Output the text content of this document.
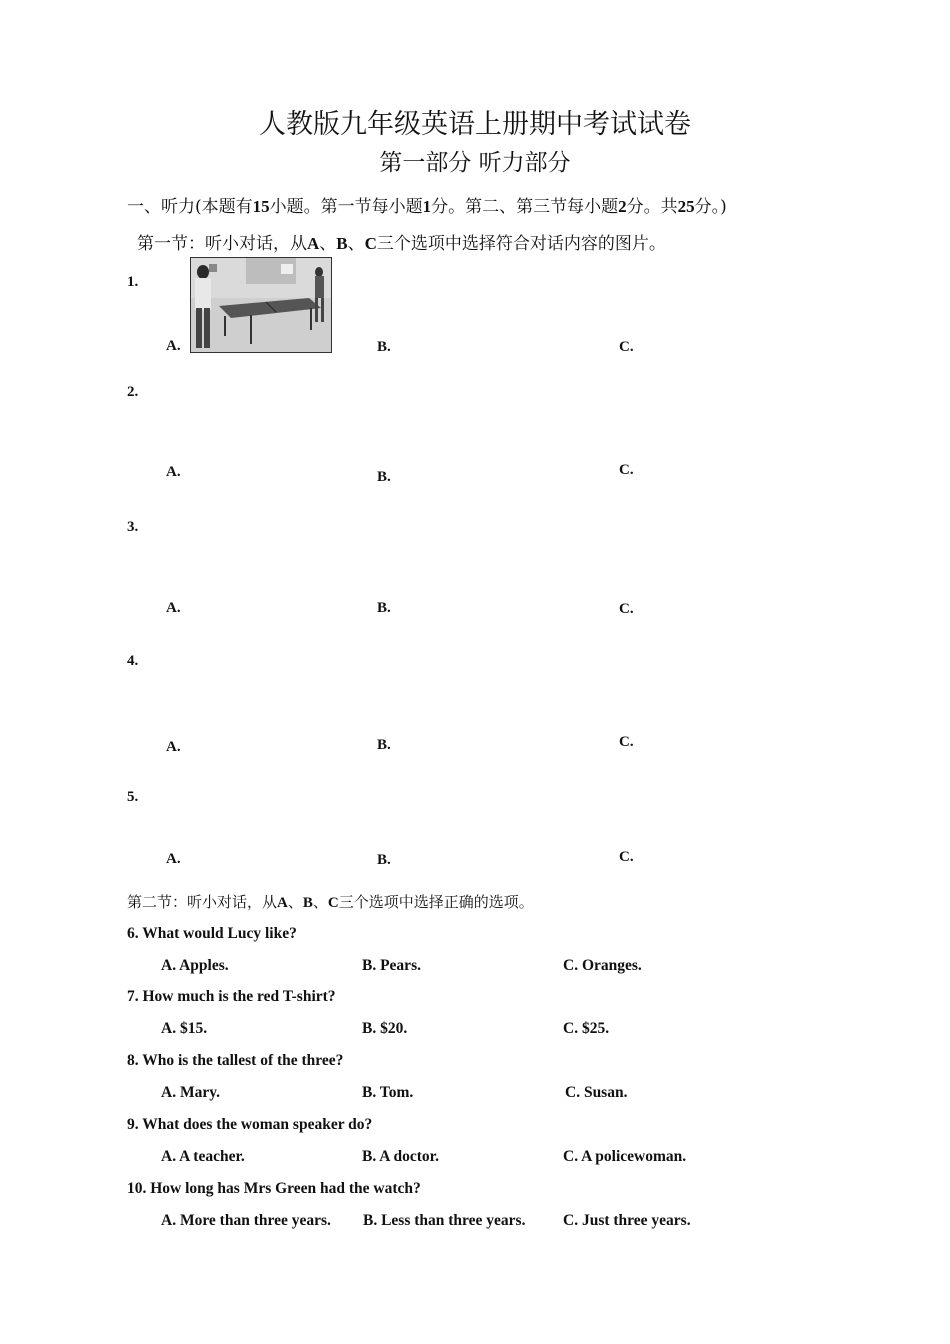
人教版九年级英语上册期中考试试卷
第一部分 听力部分
一、听力(本题有15小题。第一节每小题1分。第二、第三节每小题2分。共25分。)
第一节：听小对话，从A、B、C三个选项中选择符合对话内容的图片。
1.
A.	B.	C.
2.
A.	B.	C.
3.
A.	B.	C.
4.
A.	B.	C.
5.
A.	B.	C.
第二节：听小对话，从A、B、C三个选项中选择正确的选项。
6. What would Lucy like?
A. Apples.	B. Pears.	C. Oranges.
7. How much is the red T-shirt?
A. $15.	B. $20.	C. $25.
8. Who is the tallest of the three?
A. Mary.	B. Tom.	C. Susan.
9. What does the woman speaker do?
A. A teacher.	B. A doctor.	C. A policewoman.
10. How long has Mrs Green had the watch?
A. More than three years. B. Less than three years. C. Just three years.
